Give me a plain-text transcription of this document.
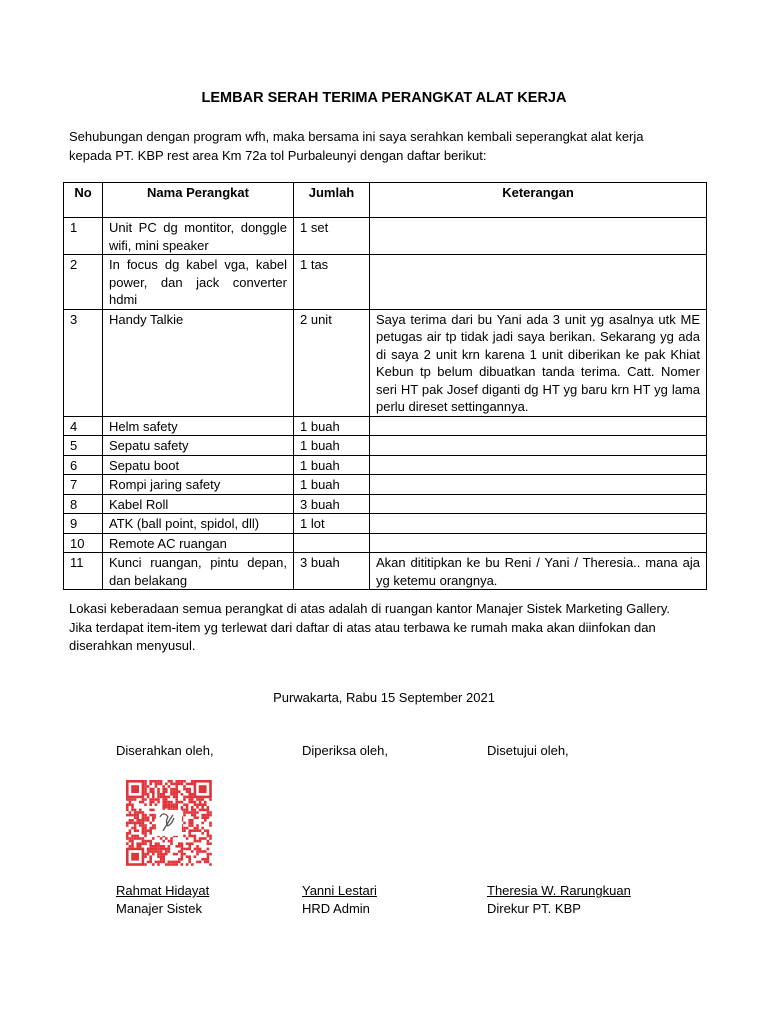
LEMBAR SERAH TERIMA PERANGKAT ALAT KERJA
Sehubungan dengan program wfh, maka bersama ini saya serahkan kembali seperangkat alat kerja kepada PT. KBP rest area Km 72a tol Purbaleunyi dengan daftar berikut:
No	Nama Perangkat	Jumlah	Keterangan
1	Unit PC dg montitor, donggle wifi, mini speaker	1 set	
2	In focus dg kabel vga, kabel power, dan jack converter hdmi	1 tas	
3	Handy Talkie	2 unit	Saya terima dari bu Yani ada 3 unit yg asalnya utk ME petugas air tp tidak jadi saya berikan. Sekarang yg ada di saya 2 unit krn karena 1 unit diberikan ke pak Khiat Kebun tp belum dibuatkan tanda terima. Catt. Nomer seri HT pak Josef diganti dg HT yg baru krn HT yg lama perlu direset settingannya.
4	Helm safety	1 buah	
5	Sepatu safety	1 buah	
6	Sepatu boot	1 buah	
7	Rompi jaring safety	1 buah	
8	Kabel Roll	3 buah	
9	ATK (ball point, spidol, dll)	1 lot	
10	Remote AC ruangan		
11	Kunci ruangan, pintu depan, dan belakang	3 buah	Akan dititipkan ke bu Reni / Yani / Theresia.. mana aja yg ketemu orangnya.
Lokasi keberadaan semua perangkat di atas adalah di ruangan kantor Manajer Sistek Marketing Gallery. Jika terdapat item-item yg terlewat dari daftar di atas atau terbawa ke rumah maka akan diinfokan dan diserahkan menyusul.
Purwakarta, Rabu 15 September 2021
Diserahkan oleh,
Rahmat Hidayat
Manajer Sistek
Diperiksa oleh,
Yanni Lestari
HRD Admin
Disetujui oleh,
Theresia W. Rarungkuan
Direkur PT. KBP
